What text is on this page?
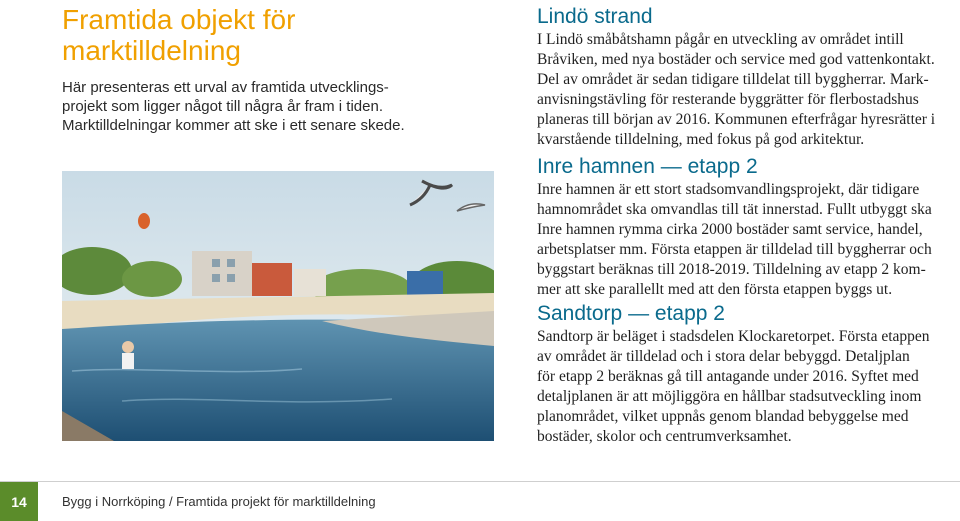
Framtida objekt för
marktilldelning

Här presenteras ett urval av framtida utvecklings-
projekt som ligger något till några år fram i tiden.
Marktilldelningar kommer att ske i ett senare skede.

Lindö strand

I Lindö småbåtshamn pågår en utveckling av området intill
Bråviken, med nya bostäder och service med god vattenkontakt.
Del av området är sedan tidigare tilldelat till byggherrar. Mark-
anvisningstävling för resterande byggrätter för flerbostadshus
planeras till början av 2016. Kommunen efterfrågar hyresrätter i
kvarstående tilldelning, med fokus på god arkitektur.

Inre hamnen — etapp 2

Inre hamnen är ett stort stadsomvandlingsprojekt, där tidigare
hamnområdet ska omvandlas till tät innerstad. Fullt utbyggt ska
Inre hamnen rymma cirka 2000 bostäder samt service, handel,
arbetsplatser mm. Första etappen är tilldelad till byggherrar och
byggstart beräknas till 2018-2019. Tilldelning av etapp 2 kom-
mer att ske parallellt med att den första etappen byggs ut.

Sandtorp — etapp 2

Sandtorp är beläget i stadsdelen Klockaretorpet. Första etappen
av området är tilldelad och i stora delar bebyggd. Detaljplan
för etapp 2 beräknas gå till antagande under 2016. Syftet med
detaljplanen är att möjliggöra en hållbar stadsutveckling inom
planområdet, vilket uppnås genom blandad bebyggelse med
bostäder, skolor och centrumverksamhet.

14	Bygg i Norrköping / Framtida projekt för marktilldelning
